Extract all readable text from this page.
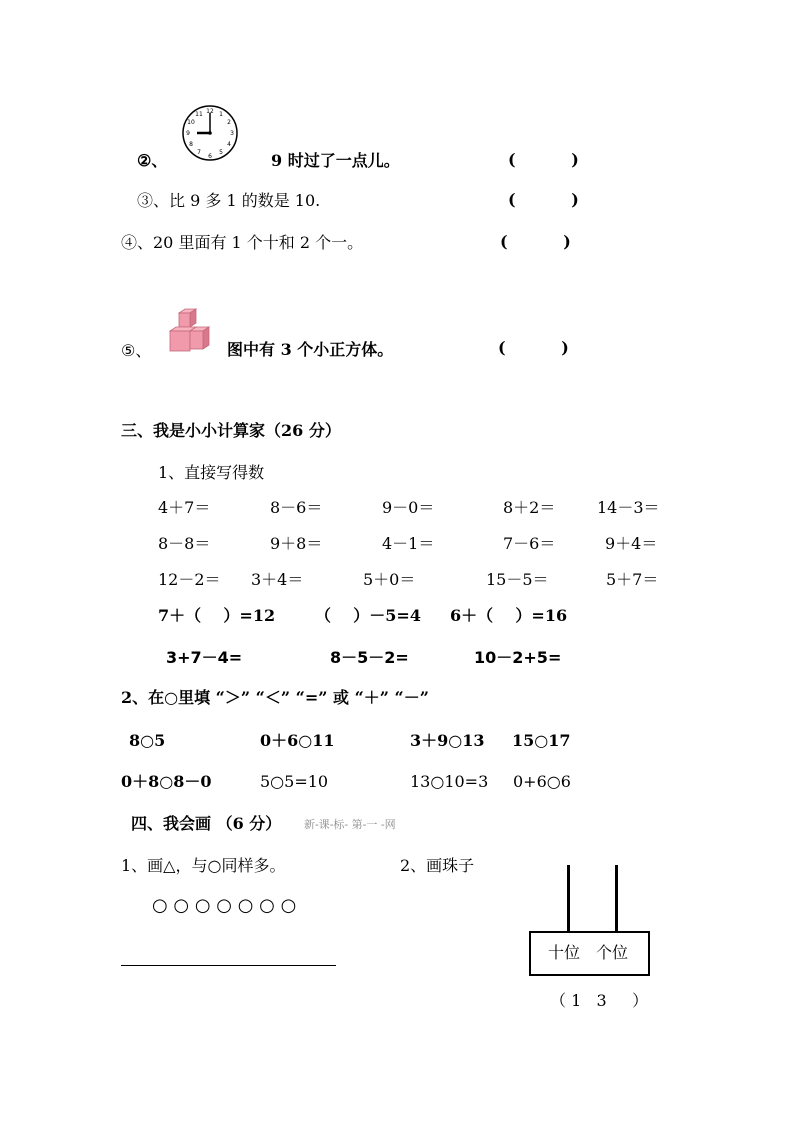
②、
12 1
2
3
4
5
6
7
8
9
10
11
9 时过了一点儿。	(          )
③、比 9 多 1 的数是 10.	(          )
④、20 里面有 1 个十和 2 个一。	(          )
⑤、	图中有 3 个小正方体。	(          )
三、我是小小计算家（26 分）
1、直接写得数
4＋7＝	8－6＝	9－0＝	8＋2＝	14－3＝
8－8＝	9＋8＝	4－1＝	7－6＝	9＋4＝
12－2＝ 3＋4＝	5＋0＝	15－5＝	5＋7＝
7＋（    ）=12 （    ）－5=4 6＋（    ）=16
3+7－4=	8－5－2=	10－2+5=
2、在○里填 “＞” “＜” “=” 或 “＋” “－”
8○5	0＋6○11	3＋9○13 15○17
0＋8○8－0	5○5=10	13○10=3 0+6○6
四、我会画 （6 分） 新-课-标- 第-一 -网
1、画△，与○同样多。	2、画珠子
○ ○ ○ ○ ○ ○ ○
十位 个位
（ 1   3     ）
